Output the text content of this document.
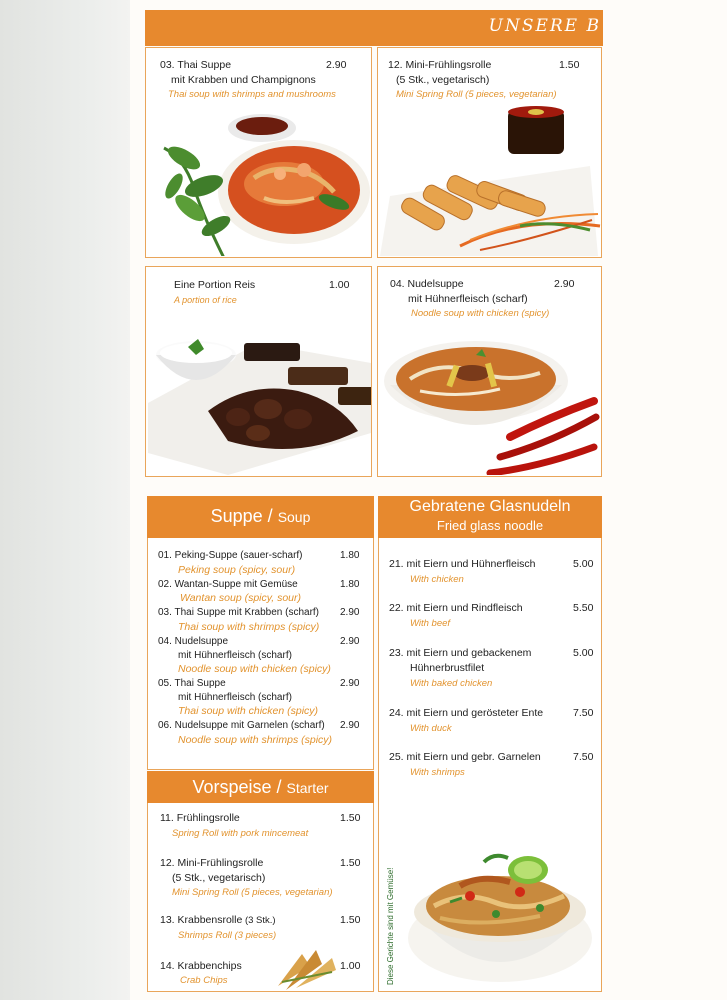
UNSERE B
03. Thai Suppe	2.90
mit Krabben und Champignons
Thai soup with shrimps and mushrooms
12. Mini-Frühlingsrolle	1.50
(5 Stk., vegetarisch)
Mini Spring Roll (5 pieces, vegetarian)
Eine Portion Reis	1.00
A portion of rice
04. Nudelsuppe	2.90
mit Hühnerfleisch (scharf)
Noodle soup with chicken (spicy)
Suppe / Soup
01. Peking-Suppe (sauer-scharf)	1.80
Peking soup (spicy, sour)
02. Wantan-Suppe mit Gemüse	1.80
Wantan soup (spicy, sour)
03. Thai Suppe mit Krabben (scharf) 2.90
Thai soup with shrimps (spicy)
04. Nudelsuppe	2.90
mit Hühnerfleisch (scharf)
Noodle soup with chicken (spicy)
05. Thai Suppe	2.90
mit Hühnerfleisch (scharf)
Thai soup with chicken (spicy)
06. Nudelsuppe mit Garnelen (scharf) 2.90
Noodle soup with shrimps (spicy)
Vorspeise / Starter
11. Frühlingsrolle	1.50
Spring Roll with pork mincemeat
12. Mini-Frühlingsrolle	1.50
(5 Stk., vegetarisch)
Mini Spring Roll (5 pieces, vegetarian)
13. Krabbensrolle (3 Stk.)	1.50
Shrimps Roll (3 pieces)
14. Krabbenchips	1.00
Crab Chips
Gebratene Glasnudeln
Fried glass noodle
21. mit Eiern und Hühnerfleisch	5.00
With chicken
22. mit Eiern und Rindfleisch	5.50
With beef
23. mit Eiern und gebackenem	5.00
Hühnerbrustfilet
With baked chicken
24. mit Eiern und gerösteter Ente	7.50
With duck
25. mit Eiern und gebr. Garnelen	7.50
With shrimps
Diese Gerichte sind mit Gemüse!
